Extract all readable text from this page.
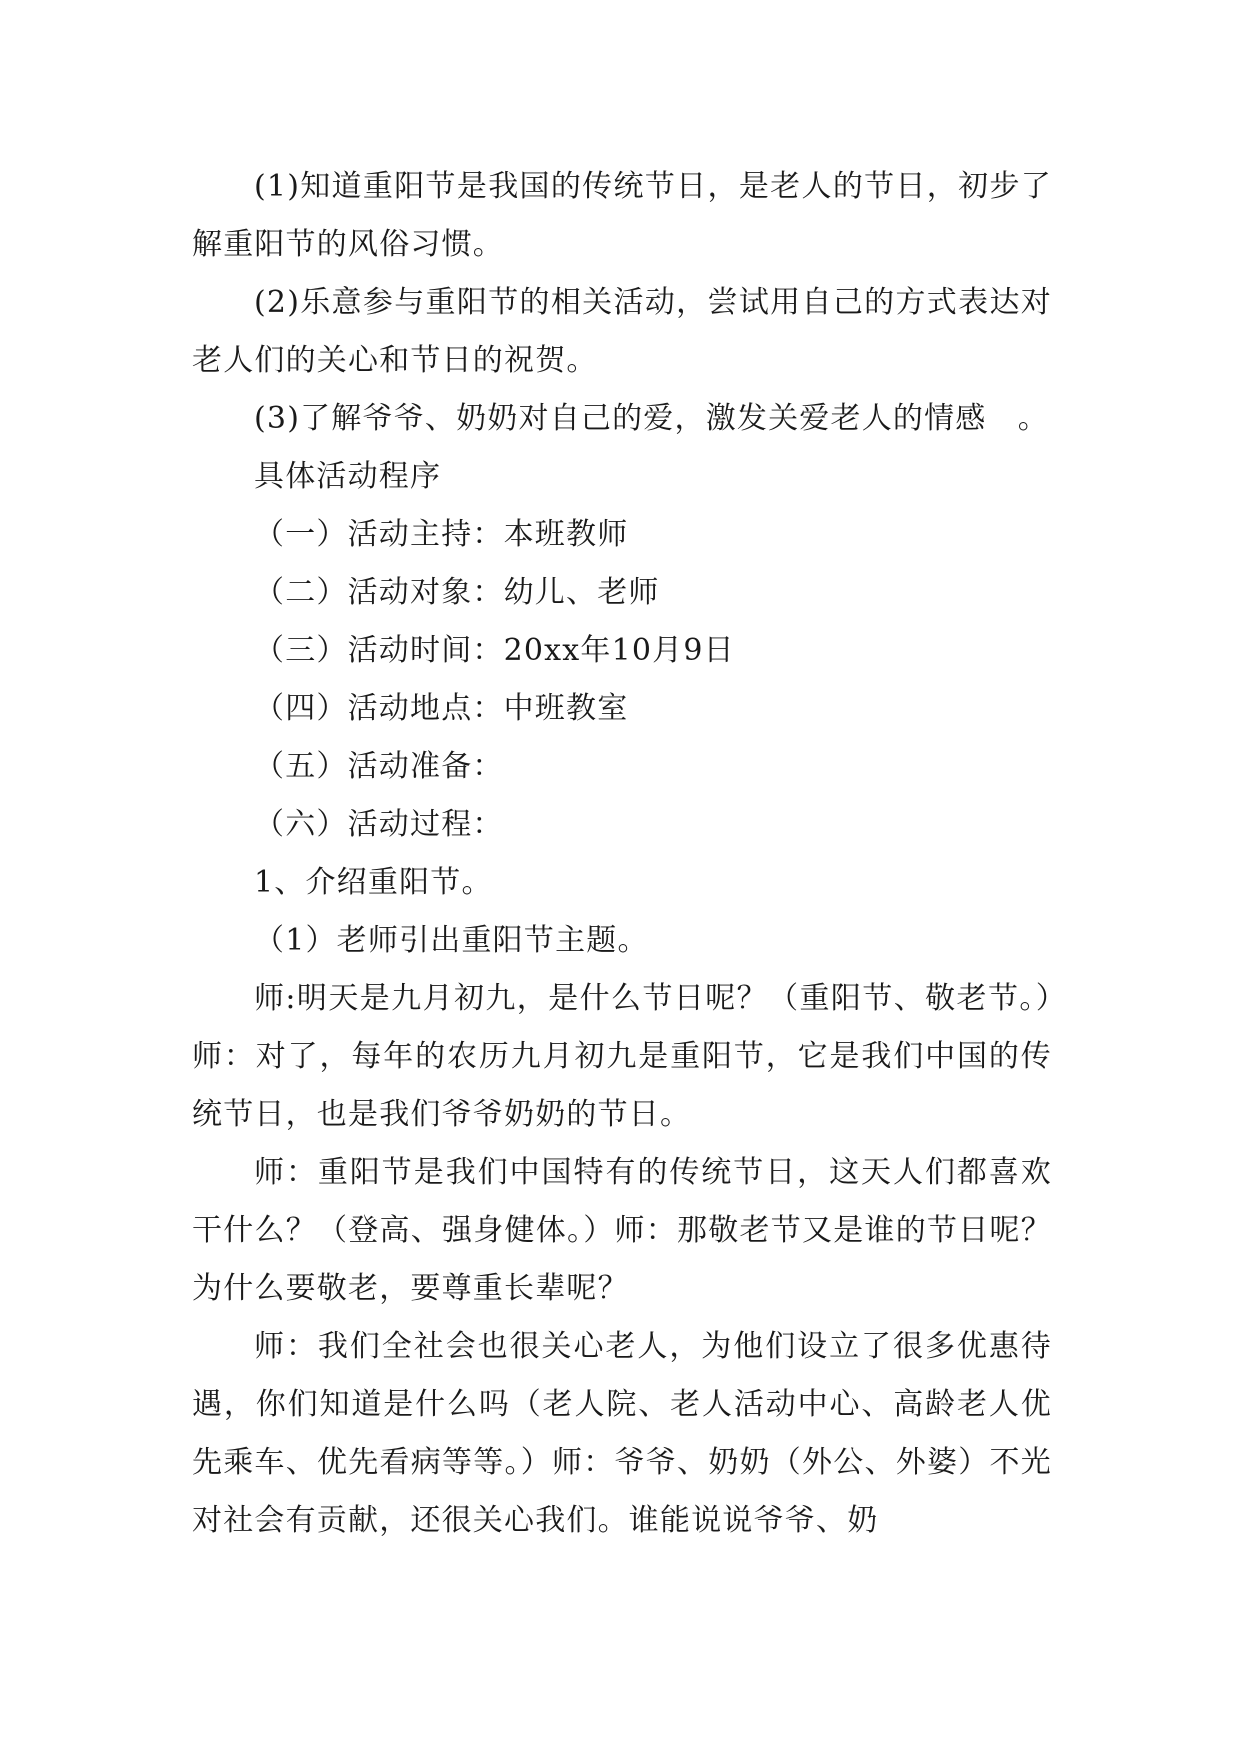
(1)知道重阳节是我国的传统节日，是老人的节日，初步了解重阳节的风俗习惯。

(2)乐意参与重阳节的相关活动，尝试用自己的方式表达对老人们的关心和节日的祝贺。

(3)了解爷爷、奶奶对自己的爱，激发关爱老人的情感　。

具体活动程序

（一）活动主持：本班教师

（二）活动对象：幼儿、老师

（三）活动时间：20xx年10月9日

（四）活动地点：中班教室

（五）活动准备：

（六）活动过程：

1、介绍重阳节。

（1）老师引出重阳节主题。

师:明天是九月初九，是什么节日呢？（重阳节、敬老节。）师：对了，每年的农历九月初九是重阳节，它是我们中国的传统节日，也是我们爷爷奶奶的节日。

师：重阳节是我们中国特有的传统节日，这天人们都喜欢干什么？（登高、强身健体。）师：那敬老节又是谁的节日呢？为什么要敬老，要尊重长辈呢？

师：我们全社会也很关心老人，为他们设立了很多优惠待遇，你们知道是什么吗（老人院、老人活动中心、高龄老人优先乘车、优先看病等等。）师：爷爷、奶奶（外公、外婆）不光对社会有贡献，还很关心我们。谁能说说爷爷、奶
